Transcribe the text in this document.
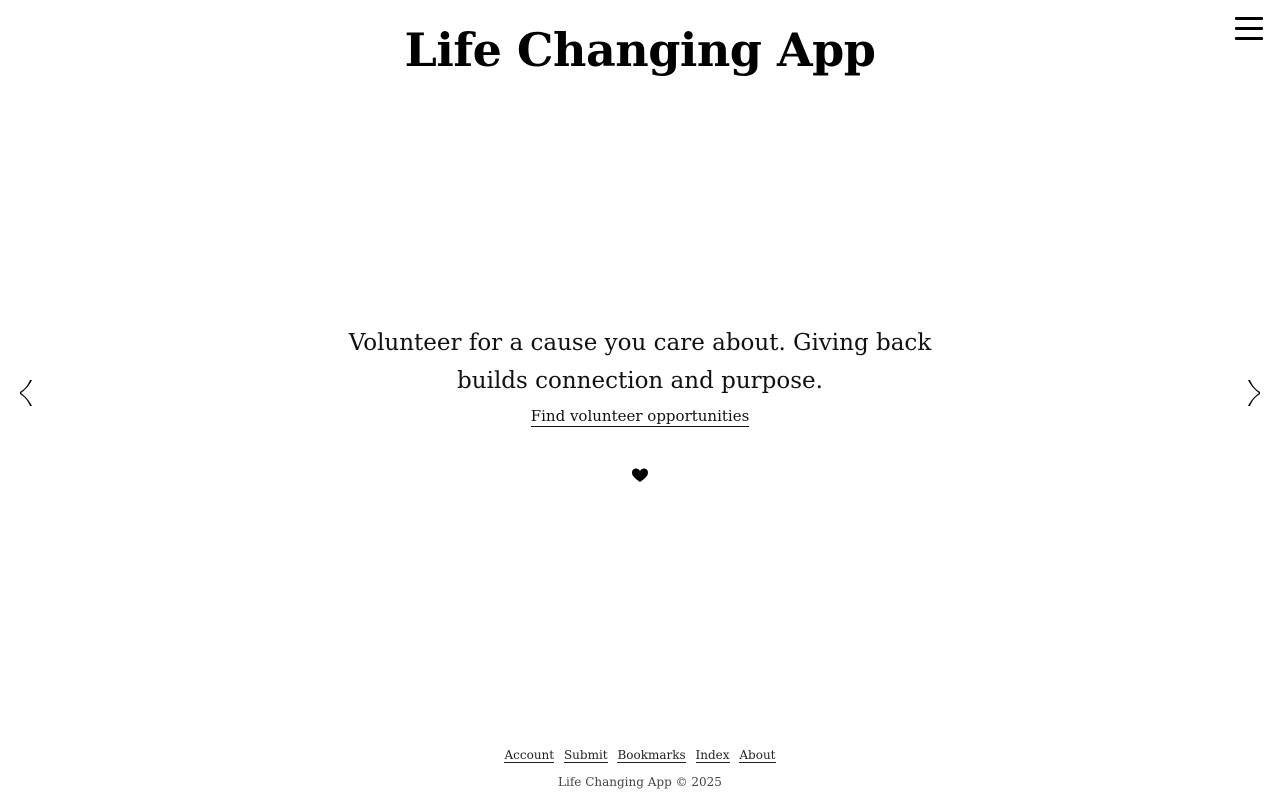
Life Changing App
Volunteer for a cause you care about. Giving back builds connection and purpose.
Find volunteer opportunities
Account Submit Bookmarks Index About
Life Changing App © 2025
